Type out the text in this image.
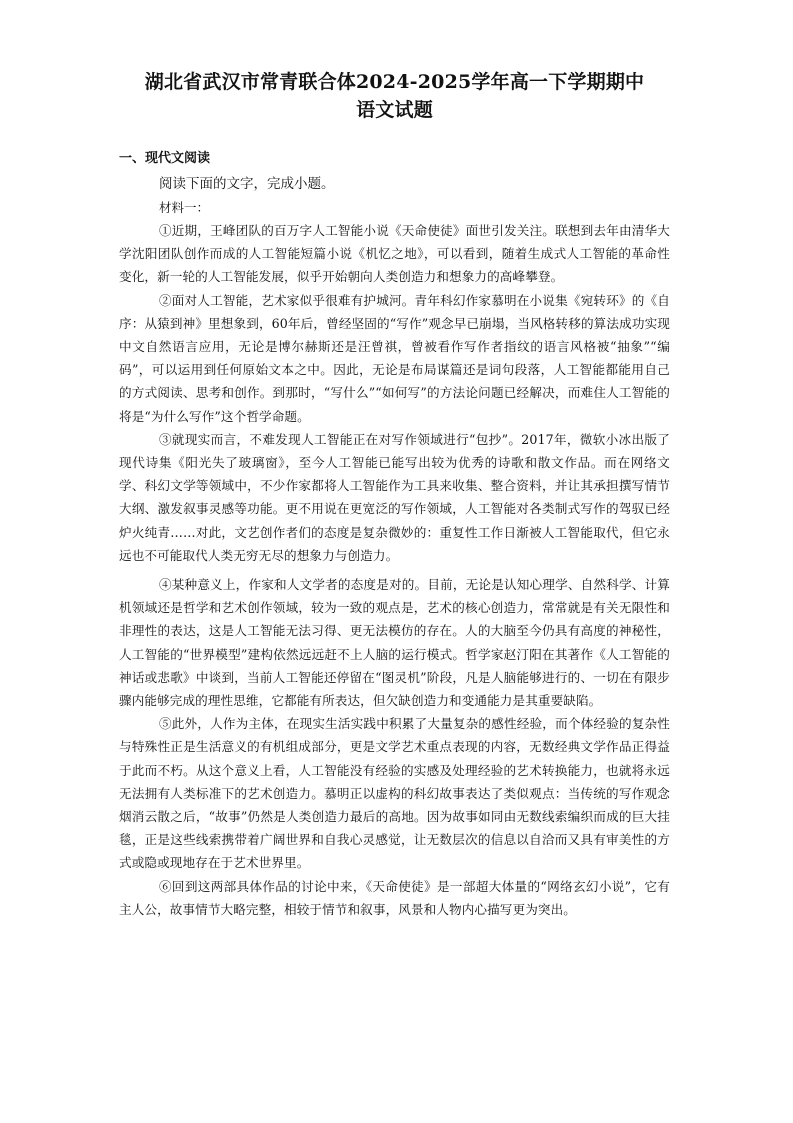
湖北省武汉市常青联合体2024-2025学年高一下学期期中
语文试题
一、现代文阅读

阅读下面的文字，完成小题。

材料一：

①近期，王峰团队的百万字人工智能小说《天命使徒》面世引发关注。联想到去年由清华大学沈阳团队创作而成的人工智能短篇小说《机忆之地》，可以看到，随着生成式人工智能的革命性变化，新一轮的人工智能发展，似乎开始朝向人类创造力和想象力的高峰攀登。

②面对人工智能，艺术家似乎很难有护城河。青年科幻作家慕明在小说集《宛转环》的《自序：从猿到神》里想象到，60年后，曾经坚固的“写作”观念早已崩塌，当风格转移的算法成功实现中文自然语言应用，无论是博尔赫斯还是汪曾祺，曾被看作写作者指纹的语言风格被“抽象”“编码”，可以运用到任何原始文本之中。因此，无论是布局谋篇还是词句段落，人工智能都能用自己的方式阅读、思考和创作。到那时，“写什么”“如何写”的方法论问题已经解决，而难住人工智能的将是“为什么写作”这个哲学命题。

③就现实而言，不难发现人工智能正在对写作领域进行“包抄”。2017年，微软小冰出版了现代诗集《阳光失了玻璃窗》，至今人工智能已能写出较为优秀的诗歌和散文作品。而在网络文学、科幻文学等领域中，不少作家都将人工智能作为工具来收集、整合资料，并让其承担撰写情节大纲、激发叙事灵感等功能。更不用说在更宽泛的写作领域，人工智能对各类制式写作的驾驭已经炉火纯青……对此，文艺创作者们的态度是复杂微妙的：重复性工作日渐被人工智能取代，但它永远也不可能取代人类无穷无尽的想象力与创造力。

④某种意义上，作家和人文学者的态度是对的。目前，无论是认知心理学、自然科学、计算机领域还是哲学和艺术创作领域，较为一致的观点是，艺术的核心创造力，常常就是有关无限性和非理性的表达，这是人工智能无法习得、更无法模仿的存在。人的大脑至今仍具有高度的神秘性，人工智能的“世界模型”建构依然远远赶不上人脑的运行模式。哲学家赵汀阳在其著作《人工智能的神话或悲歌》中谈到，当前人工智能还停留在“图灵机”阶段，凡是人脑能够进行的、一切在有限步骤内能够完成的理性思维，它都能有所表达，但欠缺创造力和变通能力是其重要缺陷。

⑤此外，人作为主体，在现实生活实践中积累了大量复杂的感性经验，而个体经验的复杂性与特殊性正是生活意义的有机组成部分，更是文学艺术重点表现的内容，无数经典文学作品正得益于此而不朽。从这个意义上看，人工智能没有经验的实感及处理经验的艺术转换能力，也就将永远无法拥有人类标准下的艺术创造力。慕明正以虚构的科幻故事表达了类似观点：当传统的写作观念烟消云散之后，“故事”仍然是人类创造力最后的高地。因为故事如同由无数线索编织而成的巨大挂毯，正是这些线索携带着广阔世界和自我心灵感觉，让无数层次的信息以自洽而又具有审美性的方式或隐或现地存在于艺术世界里。

⑥回到这两部具体作品的讨论中来，《天命使徒》是一部超大体量的“网络玄幻小说”，它有主人公，故事情节大略完整，相较于情节和叙事，风景和人物内心描写更为突出。
